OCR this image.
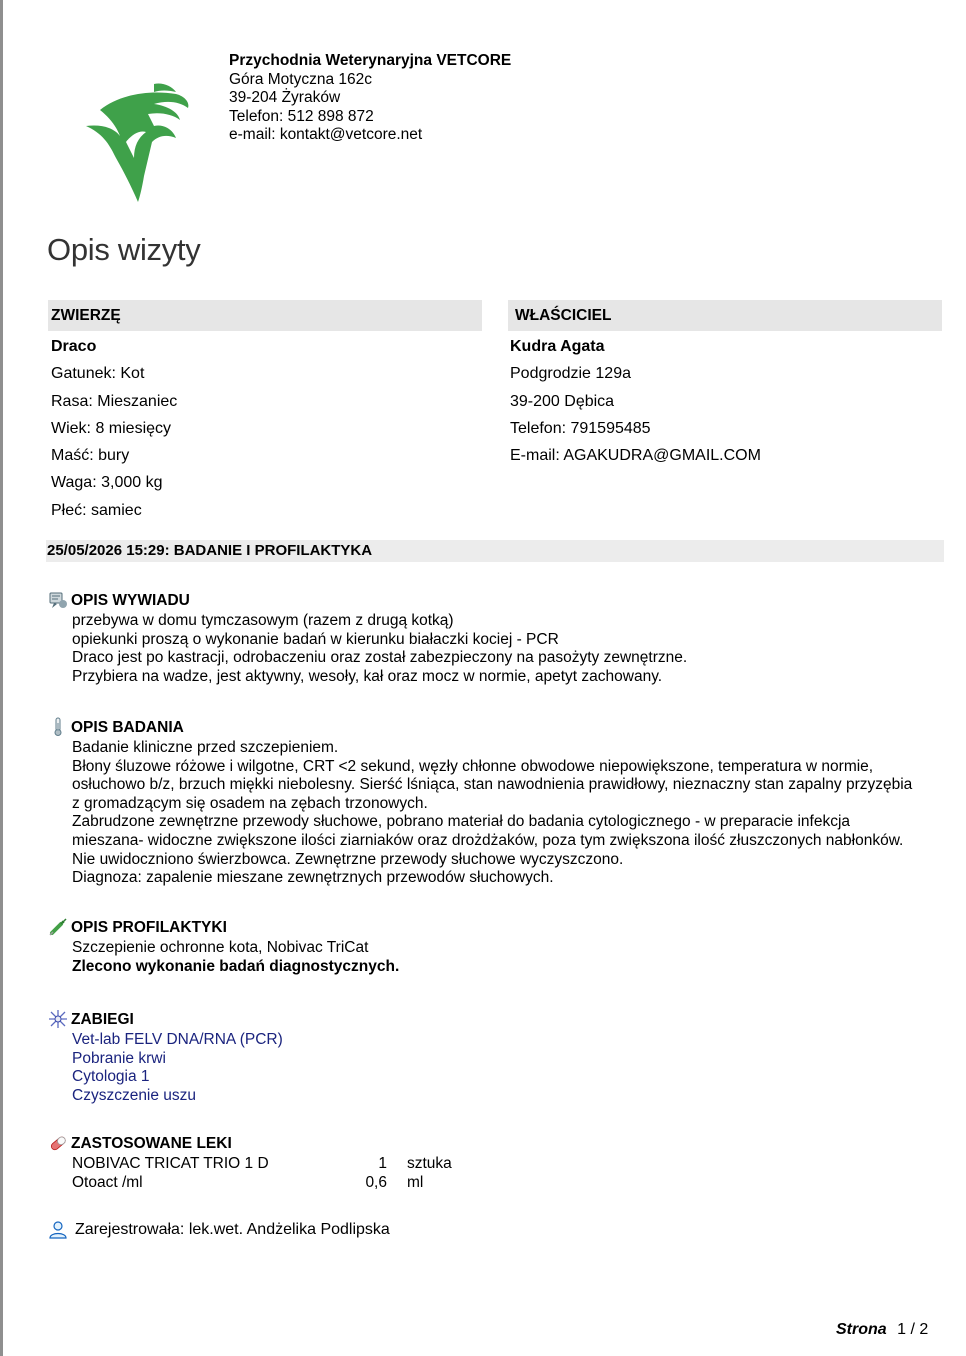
Przychodnia Weterynaryjna VETCORE
Góra Motyczna 162c
39-204 Żyraków
Telefon: 512 898 872
e-mail: kontakt@vetcore.net
Opis wizyty
ZWIERZĘ	WŁAŚCICIEL
Draco
Gatunek: Kot
Rasa: Mieszaniec
Wiek: 8 miesięcy
Maść: bury
Waga: 3,000 kg
Płeć: samiec
Kudra Agata
Podgrodzie 129a
39-200 Dębica
Telefon: 791595485
E-mail: AGAKUDRA@GMAIL.COM
25/05/2026 15:29: BADANIE I PROFILAKTYKA
OPIS WYWIADU
przebywa w domu tymczasowym (razem z drugą kotką)
opiekunki proszą o wykonanie badań w kierunku białaczki kociej - PCR
Draco jest po kastracji, odrobaczeniu oraz został zabezpieczony na pasożyty zewnętrzne.
Przybiera na wadze, jest aktywny, wesoły, kał oraz mocz w normie, apetyt zachowany.
OPIS BADANIA
Badanie kliniczne przed szczepieniem.
Błony śluzowe różowe i wilgotne, CRT <2 sekund, węzły chłonne obwodowe niepowiększone, temperatura w normie, osłuchowo b/z, brzuch miękki niebolesny. Sierść lśniąca, stan nawodnienia prawidłowy, nieznaczny stan zapalny przyzębia z gromadzącym się osadem na zębach trzonowych.
Zabrudzone zewnętrzne przewody słuchowe, pobrano materiał do badania cytologicznego - w preparacie infekcja mieszana- widoczne zwiększone ilości ziarniaków oraz drożdżaków, poza tym zwiększona ilość złuszczonych nabłonków. Nie uwidoczniono świerzbowca. Zewnętrzne przewody słuchowe wyczyszczono.
Diagnoza: zapalenie mieszane zewnętrznych przewodów słuchowych.
OPIS PROFILAKTYKI
Szczepienie ochronne kota, Nobivac TriCat
Zlecono wykonanie badań diagnostycznych.
ZABIEGI
Vet-lab FELV DNA/RNA (PCR)
Pobranie krwi
Cytologia 1
Czyszczenie uszu
ZASTOSOWANE LEKI
NOBIVAC TRICAT TRIO 1 D	1 sztuka
Otoact /ml	0,6 ml
Zarejestrowała: lek.wet. Andżelika Podlipska
Strona 1 / 2
